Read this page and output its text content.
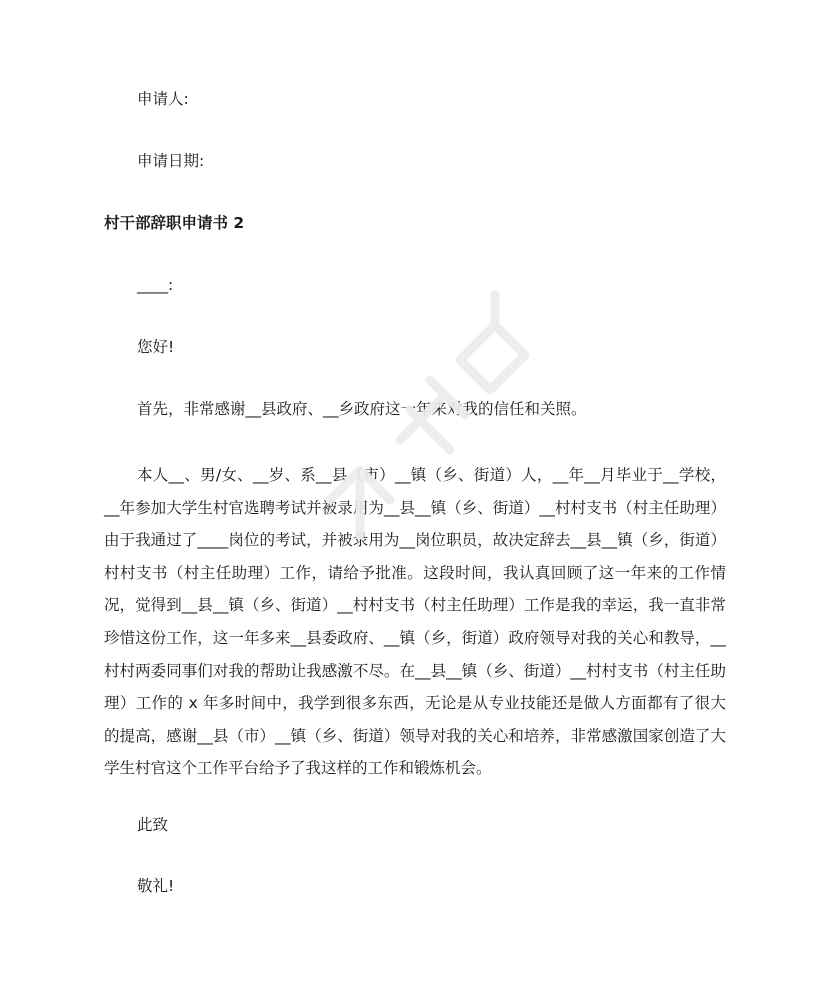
申请人:
申请日期:
村干部辞职申请书 2
____:
您好!
首先，非常感谢__县政府、__乡政府这一年来对我的信任和关照。
本人__、男/女、__岁、系__县（市）__镇（乡、街道）人，__年__月毕业于__学校，__年参加大学生村官选聘考试并被录用为__县__镇（乡、街道）__村村支书（村主任助理）由于我通过了____岗位的考试，并被录用为__岗位职员，故决定辞去__县__镇（乡，街道）村村支书（村主任助理）工作，请给予批准。这段时间，我认真回顾了这一年来的工作情况，觉得到__县__镇（乡、街道）__村村支书（村主任助理）工作是我的幸运，我一直非常珍惜这份工作，这一年多来__县委政府、__镇（乡，街道）政府领导对我的关心和教导，__村村两委同事们对我的帮助让我感激不尽。在__县__镇（乡、街道）__村村支书（村主任助理）工作的 x 年多时间中，我学到很多东西，无论是从专业技能还是做人方面都有了很大的提高，感谢__县（市）__镇（乡、街道）领导对我的关心和培养，非常感激国家创造了大学生村官这个工作平台给予了我这样的工作和锻炼机会。
此致
敬礼!
